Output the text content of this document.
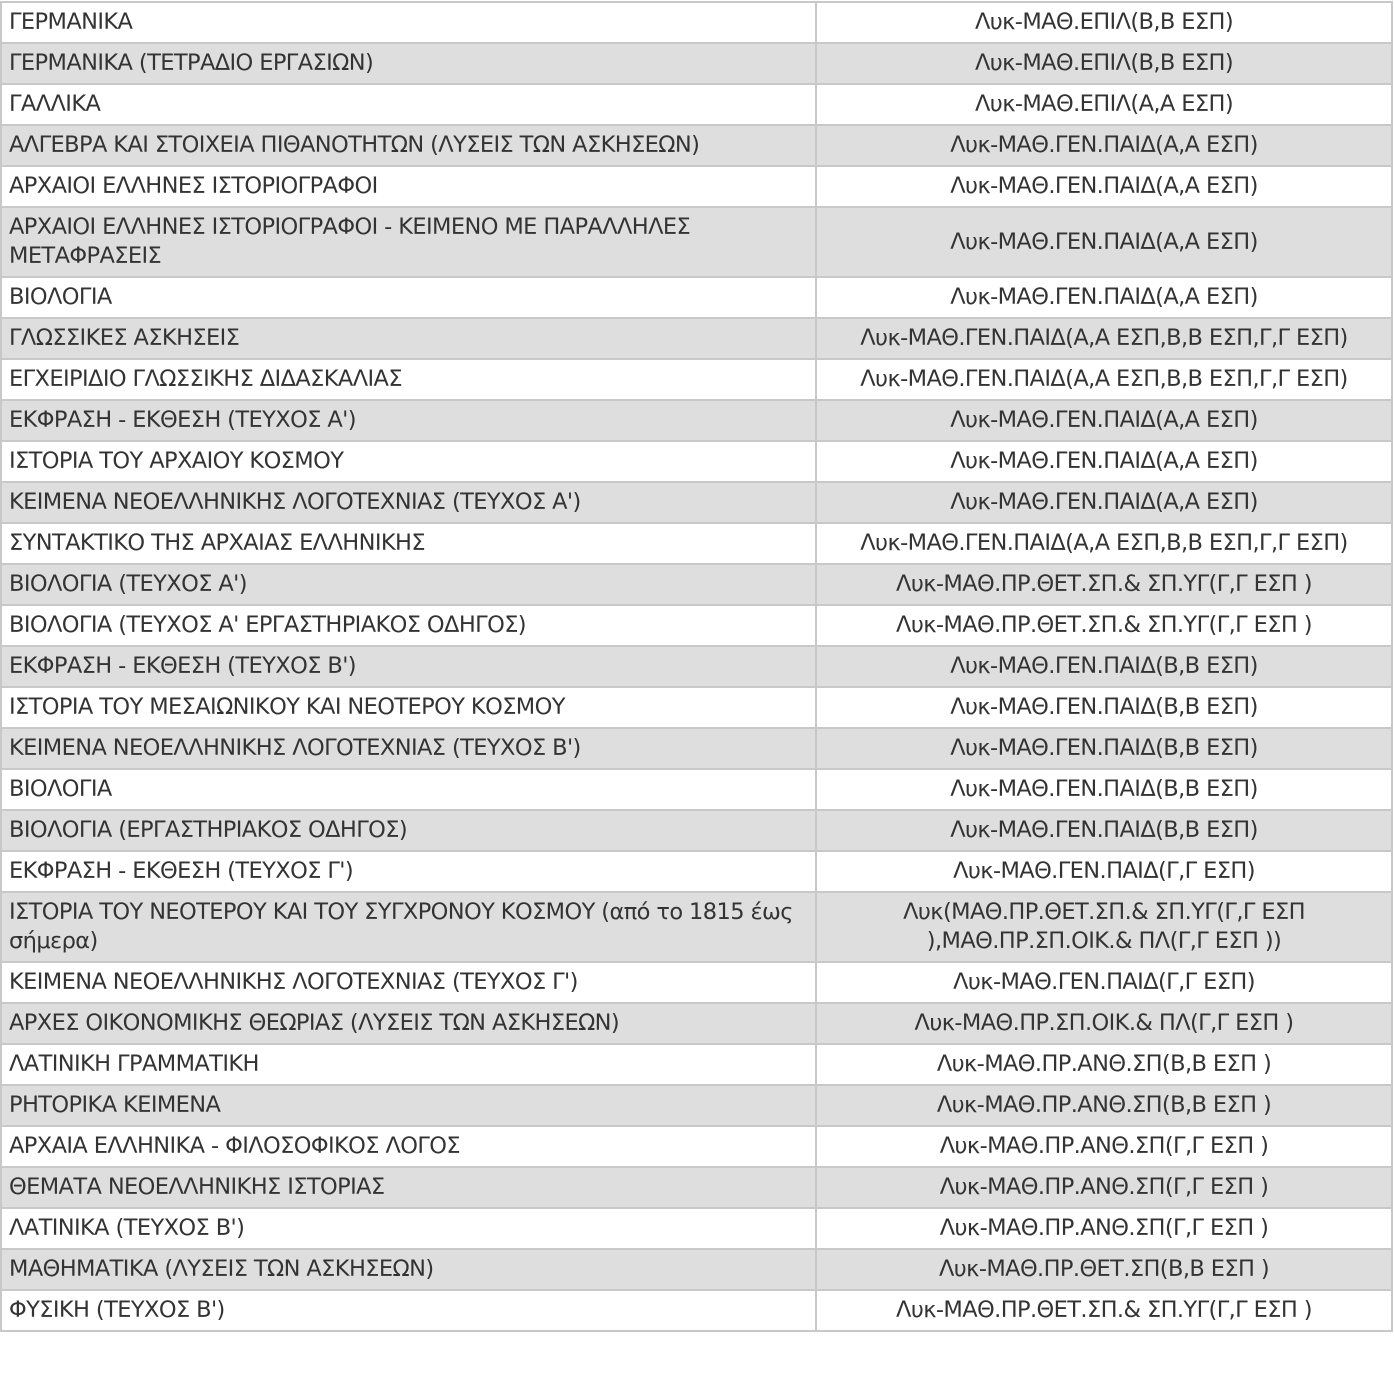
ΓΕΡΜΑΝΙΚΑ	Λυκ-ΜΑΘ.ΕΠΙΛ(Β,Β ΕΣΠ)
ΓΕΡΜΑΝΙΚΑ (ΤΕΤΡΑΔΙΟ ΕΡΓΑΣΙΩΝ)	Λυκ-ΜΑΘ.ΕΠΙΛ(Β,Β ΕΣΠ)
ΓΑΛΛΙΚΑ	Λυκ-ΜΑΘ.ΕΠΙΛ(Α,Α ΕΣΠ)
ΑΛΓΕΒΡΑ ΚΑΙ ΣΤΟΙΧΕΙΑ ΠΙΘΑΝΟΤΗΤΩΝ (ΛΥΣΕΙΣ ΤΩΝ ΑΣΚΗΣΕΩΝ)	Λυκ-ΜΑΘ.ΓΕΝ.ΠΑΙΔ(Α,Α ΕΣΠ)
ΑΡΧΑΙΟΙ ΕΛΛΗΝΕΣ ΙΣΤΟΡΙΟΓΡΑΦΟΙ	Λυκ-ΜΑΘ.ΓΕΝ.ΠΑΙΔ(Α,Α ΕΣΠ)
ΑΡΧΑΙΟΙ ΕΛΛΗΝΕΣ ΙΣΤΟΡΙΟΓΡΑΦΟΙ - ΚΕΙΜΕΝΟ ΜΕ ΠΑΡΑΛΛΗΛΕΣ ΜΕΤΑΦΡΑΣΕΙΣ	Λυκ-ΜΑΘ.ΓΕΝ.ΠΑΙΔ(Α,Α ΕΣΠ)
ΒΙΟΛΟΓΙΑ	Λυκ-ΜΑΘ.ΓΕΝ.ΠΑΙΔ(Α,Α ΕΣΠ)
ΓΛΩΣΣΙΚΕΣ ΑΣΚΗΣΕΙΣ	Λυκ-ΜΑΘ.ΓΕΝ.ΠΑΙΔ(Α,Α ΕΣΠ,Β,Β ΕΣΠ,Γ,Γ ΕΣΠ)
ΕΓΧΕΙΡΙΔΙΟ ΓΛΩΣΣΙΚΗΣ ΔΙΔΑΣΚΑΛΙΑΣ	Λυκ-ΜΑΘ.ΓΕΝ.ΠΑΙΔ(Α,Α ΕΣΠ,Β,Β ΕΣΠ,Γ,Γ ΕΣΠ)
ΕΚΦΡΑΣΗ - ΕΚΘΕΣΗ (ΤΕΥΧΟΣ Α')	Λυκ-ΜΑΘ.ΓΕΝ.ΠΑΙΔ(Α,Α ΕΣΠ)
ΙΣΤΟΡΙΑ ΤΟΥ ΑΡΧΑΙΟΥ ΚΟΣΜΟΥ	Λυκ-ΜΑΘ.ΓΕΝ.ΠΑΙΔ(Α,Α ΕΣΠ)
ΚΕΙΜΕΝΑ ΝΕΟΕΛΛΗΝΙΚΗΣ ΛΟΓΟΤΕΧΝΙΑΣ (ΤΕΥΧΟΣ Α')	Λυκ-ΜΑΘ.ΓΕΝ.ΠΑΙΔ(Α,Α ΕΣΠ)
ΣΥΝΤΑΚΤΙΚΟ ΤΗΣ ΑΡΧΑΙΑΣ ΕΛΛΗΝΙΚΗΣ	Λυκ-ΜΑΘ.ΓΕΝ.ΠΑΙΔ(Α,Α ΕΣΠ,Β,Β ΕΣΠ,Γ,Γ ΕΣΠ)
ΒΙΟΛΟΓΙΑ (ΤΕΥΧΟΣ Α')	Λυκ-ΜΑΘ.ΠΡ.ΘΕΤ.ΣΠ.& ΣΠ.ΥΓ(Γ,Γ ΕΣΠ )
ΒΙΟΛΟΓΙΑ (ΤΕΥΧΟΣ Α' ΕΡΓΑΣΤΗΡΙΑΚΟΣ ΟΔΗΓΟΣ)	Λυκ-ΜΑΘ.ΠΡ.ΘΕΤ.ΣΠ.& ΣΠ.ΥΓ(Γ,Γ ΕΣΠ )
ΕΚΦΡΑΣΗ - ΕΚΘΕΣΗ (ΤΕΥΧΟΣ Β')	Λυκ-ΜΑΘ.ΓΕΝ.ΠΑΙΔ(Β,Β ΕΣΠ)
ΙΣΤΟΡΙΑ ΤΟΥ ΜΕΣΑΙΩΝΙΚΟΥ ΚΑΙ ΝΕΟΤΕΡΟΥ ΚΟΣΜΟΥ	Λυκ-ΜΑΘ.ΓΕΝ.ΠΑΙΔ(Β,Β ΕΣΠ)
ΚΕΙΜΕΝΑ ΝΕΟΕΛΛΗΝΙΚΗΣ ΛΟΓΟΤΕΧΝΙΑΣ (ΤΕΥΧΟΣ Β')	Λυκ-ΜΑΘ.ΓΕΝ.ΠΑΙΔ(Β,Β ΕΣΠ)
ΒΙΟΛΟΓΙΑ	Λυκ-ΜΑΘ.ΓΕΝ.ΠΑΙΔ(Β,Β ΕΣΠ)
ΒΙΟΛΟΓΙΑ (ΕΡΓΑΣΤΗΡΙΑΚΟΣ ΟΔΗΓΟΣ)	Λυκ-ΜΑΘ.ΓΕΝ.ΠΑΙΔ(Β,Β ΕΣΠ)
ΕΚΦΡΑΣΗ - ΕΚΘΕΣΗ (ΤΕΥΧΟΣ Γ')	Λυκ-ΜΑΘ.ΓΕΝ.ΠΑΙΔ(Γ,Γ ΕΣΠ)
ΙΣΤΟΡΙΑ ΤΟΥ ΝΕΟΤΕΡΟΥ ΚΑΙ ΤΟΥ ΣΥΓΧΡΟΝΟΥ ΚΟΣΜΟΥ (από το 1815 έως σήμερα)	Λυκ(ΜΑΘ.ΠΡ.ΘΕΤ.ΣΠ.& ΣΠ.ΥΓ(Γ,Γ ΕΣΠ ),ΜΑΘ.ΠΡ.ΣΠ.ΟΙΚ.& ΠΛ(Γ,Γ ΕΣΠ ))
ΚΕΙΜΕΝΑ ΝΕΟΕΛΛΗΝΙΚΗΣ ΛΟΓΟΤΕΧΝΙΑΣ (ΤΕΥΧΟΣ Γ')	Λυκ-ΜΑΘ.ΓΕΝ.ΠΑΙΔ(Γ,Γ ΕΣΠ)
ΑΡΧΕΣ ΟΙΚΟΝΟΜΙΚΗΣ ΘΕΩΡΙΑΣ (ΛΥΣΕΙΣ ΤΩΝ ΑΣΚΗΣΕΩΝ)	Λυκ-ΜΑΘ.ΠΡ.ΣΠ.ΟΙΚ.& ΠΛ(Γ,Γ ΕΣΠ )
ΛΑΤΙΝΙΚΗ ΓΡΑΜΜΑΤΙΚΗ	Λυκ-ΜΑΘ.ΠΡ.ΑΝΘ.ΣΠ(Β,Β ΕΣΠ )
ΡΗΤΟΡΙΚΑ ΚΕΙΜΕΝΑ	Λυκ-ΜΑΘ.ΠΡ.ΑΝΘ.ΣΠ(Β,Β ΕΣΠ )
ΑΡΧΑΙΑ ΕΛΛΗΝΙΚΑ - ΦΙΛΟΣΟΦΙΚΟΣ ΛΟΓΟΣ	Λυκ-ΜΑΘ.ΠΡ.ΑΝΘ.ΣΠ(Γ,Γ ΕΣΠ )
ΘΕΜΑΤΑ ΝΕΟΕΛΛΗΝΙΚΗΣ ΙΣΤΟΡΙΑΣ	Λυκ-ΜΑΘ.ΠΡ.ΑΝΘ.ΣΠ(Γ,Γ ΕΣΠ )
ΛΑΤΙΝΙΚΑ (ΤΕΥΧΟΣ Β')	Λυκ-ΜΑΘ.ΠΡ.ΑΝΘ.ΣΠ(Γ,Γ ΕΣΠ )
ΜΑΘΗΜΑΤΙΚΑ (ΛΥΣΕΙΣ ΤΩΝ ΑΣΚΗΣΕΩΝ)	Λυκ-ΜΑΘ.ΠΡ.ΘΕΤ.ΣΠ(Β,Β ΕΣΠ )
ΦΥΣΙΚΗ (ΤΕΥΧΟΣ Β')	Λυκ-ΜΑΘ.ΠΡ.ΘΕΤ.ΣΠ.& ΣΠ.ΥΓ(Γ,Γ ΕΣΠ )
